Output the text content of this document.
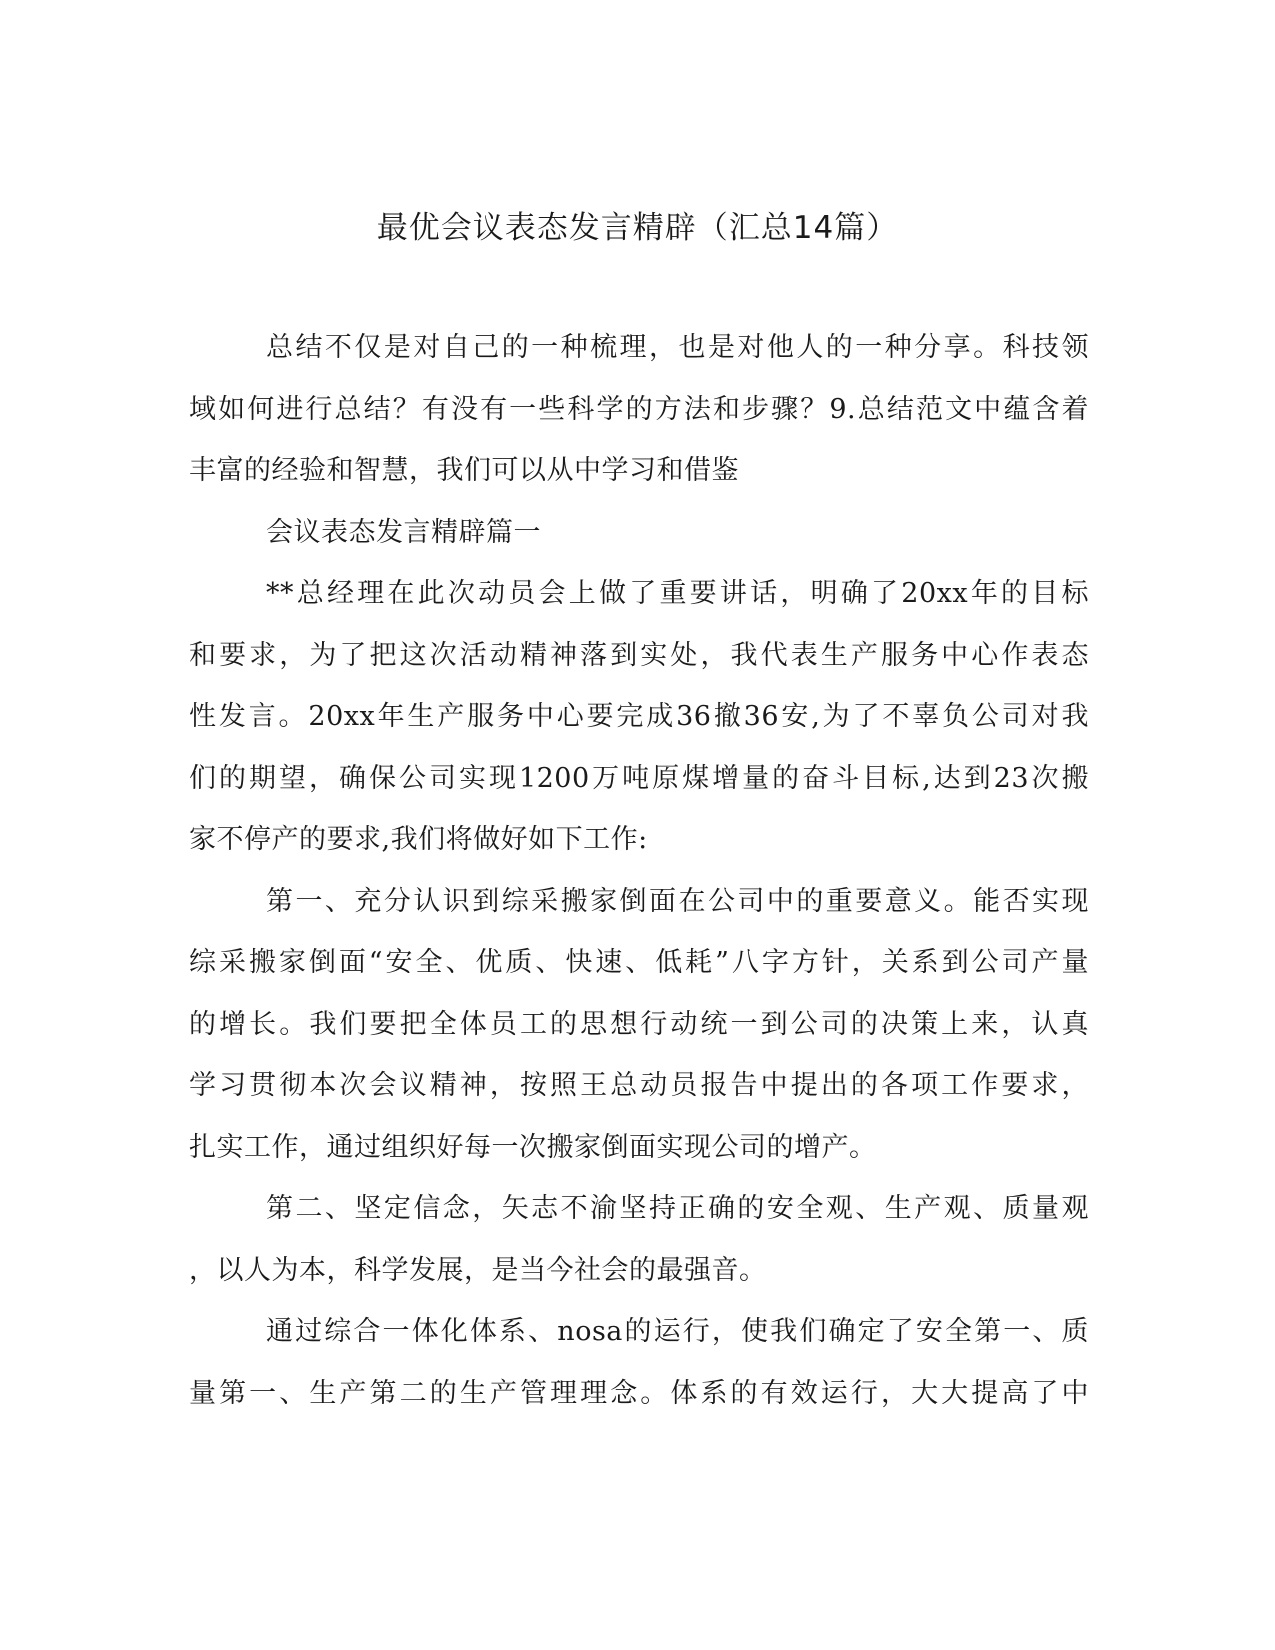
最优会议表态发言精辟（汇总14篇）
总结不仅是对自己的一种梳理，也是对他人的一种分享。科技领
域如何进行总结？有没有一些科学的方法和步骤？9.总结范文中蕴含着
丰富的经验和智慧，我们可以从中学习和借鉴
会议表态发言精辟篇一
**总经理在此次动员会上做了重要讲话，明确了20xx年的目标
和要求，为了把这次活动精神落到实处，我代表生产服务中心作表态
性发言。20xx年生产服务中心要完成36撤36安,为了不辜负公司对我
们的期望，确保公司实现1200万吨原煤增量的奋斗目标,达到23次搬
家不停产的要求,我们将做好如下工作:
第一、充分认识到综采搬家倒面在公司中的重要意义。能否实现
综采搬家倒面“安全、优质、快速、低耗”八字方针，关系到公司产量
的增长。我们要把全体员工的思想行动统一到公司的决策上来，认真
学习贯彻本次会议精神，按照王总动员报告中提出的各项工作要求，
扎实工作，通过组织好每一次搬家倒面实现公司的增产。
第二、坚定信念，矢志不渝坚持正确的安全观、生产观、质量观
，以人为本，科学发展，是当今社会的最强音。
通过综合一体化体系、nosa的运行，使我们确定了安全第一、质
量第一、生产第二的生产管理理念。体系的有效运行，大大提高了中
